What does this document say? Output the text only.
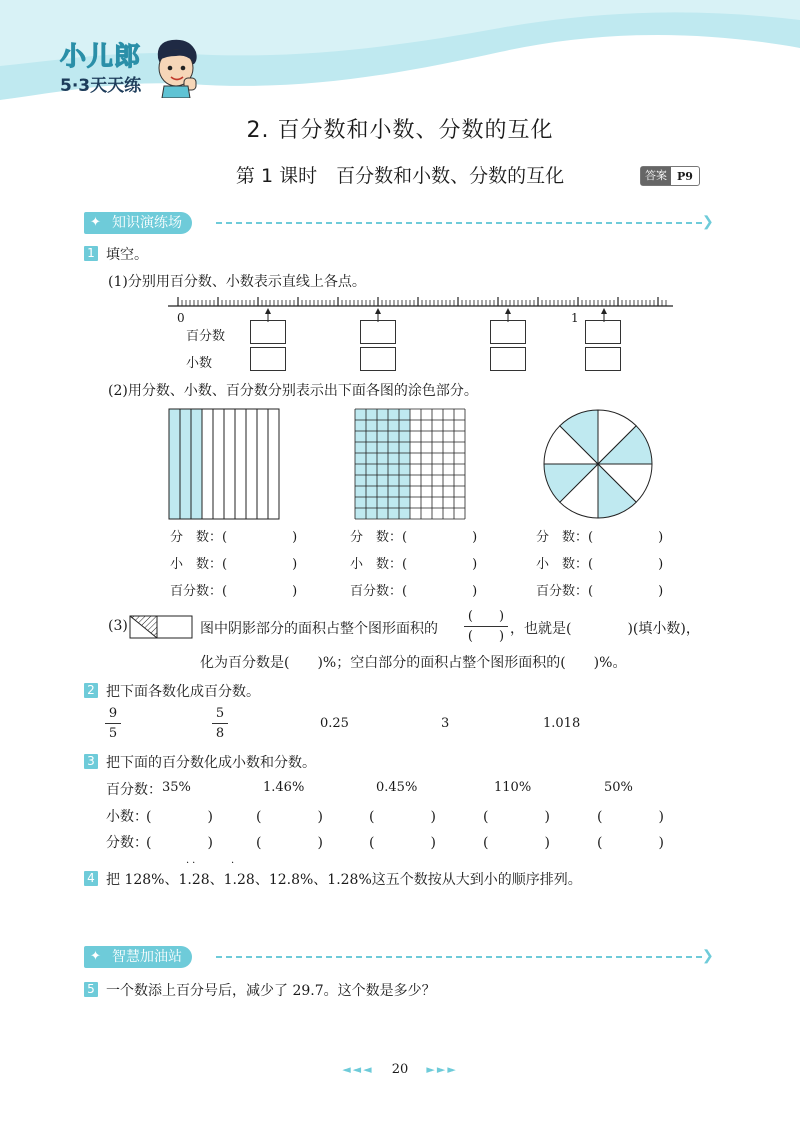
小儿郎
5·3天天练
2. 百分数和小数、分数的互化
第 1 课时　百分数和小数、分数的互化	答案 P9
知识演练场	❯
✦
1 填空。
(1)分别用百分数、小数表示直线上各点。
0	1
百分数
小数
(2)用分数、小数、百分数分别表示出下面各图的涂色部分。
分　数：(　　　　　)
小　数：(　　　　　)
百分数：(　　　　　)
分　数：(　　　　　)
小　数：(　　　　　)
百分数：(　　　　　)
分　数：(　　　　　)
小　数：(　　　　　)
百分数：(　　　　　)
(3)	图中阴影部分的面积占整个图形面积的
(　　)
(　　) ，也就是(　　　　)(填小数)，
化为百分数是(　　)%；空白部分的面积占整个图形面积的(　　)%。
2 把下面各数化成百分数。
$\frac{9}{5}$	$\frac{5}{8}$	0.25	3	1.018
3 把下面的百分数化成小数和分数。
百分数： 35%	1.46%	0.45%	110%	50%
小数：
(　　　　)	(　　　　)	(　　　　)	(　　　　)	(　　　　)
分数：
(　　　　)	(　　　　)	(　　　　)	(　　　　)	(　　　　)
4 把 128%、1.28、1.28、12.8%、1.28%这五个数按从大到小的顺序排列。
··	·
智慧加油站	❯
✦
5 一个数添上百分号后，减少了 29.7。这个数是多少？
◄◄◄ 20 ►►►
